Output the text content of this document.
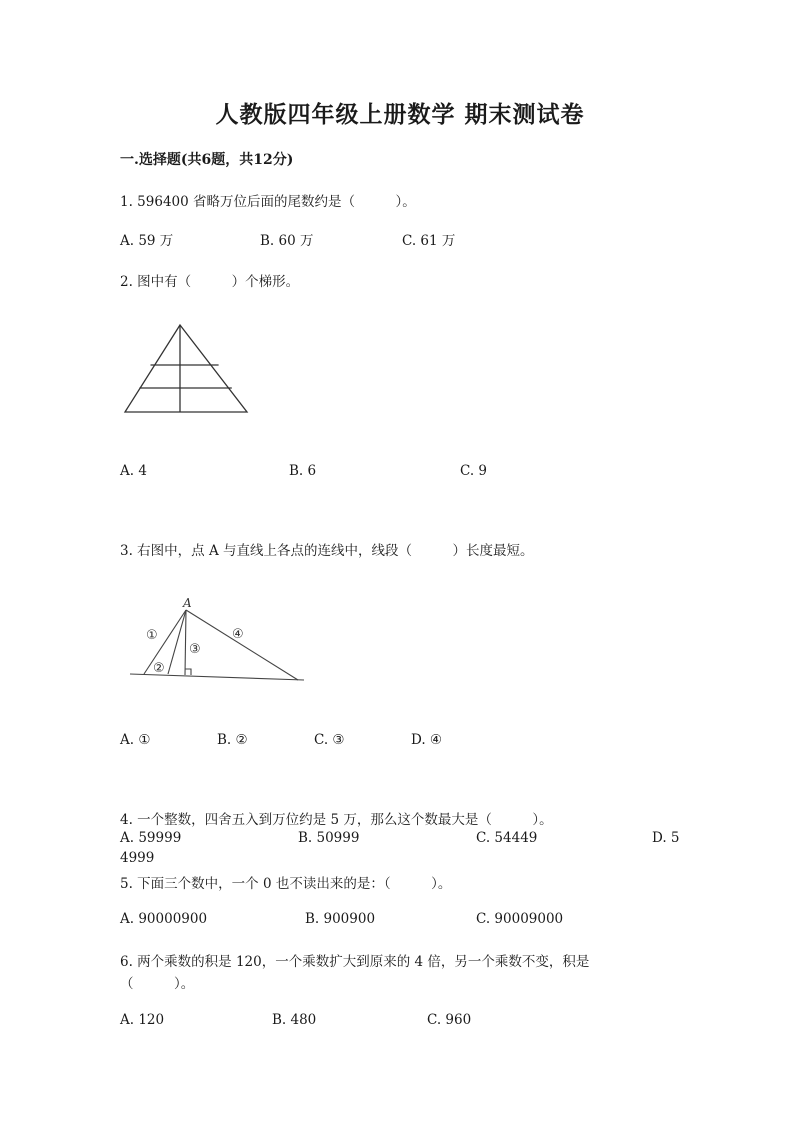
人教版四年级上册数学 期末测试卷
一.选择题(共6题，共12分)
1. 596400 省略万位后面的尾数约是（　　　）。
A. 59 万	B. 60 万	C. 61 万
2. 图中有（　　　）个梯形。
A. 4	B. 6	C. 9
3. 右图中，点 A 与直线上各点的连线中，线段（　　　）长度最短。
A
①
②
③
④
A. ①	B. ②	C. ③	D. ④
4. 一个整数，四舍五入到万位约是 5 万，那么这个数最大是（　　　）。
A. 59999	B. 50999	C. 54449	D. 5
4999
5. 下面三个数中，一个 0 也不读出来的是：（　　　）。
A. 90000900	B. 900900	C. 90009000
6. 两个乘数的积是 120，一个乘数扩大到原来的 4 倍，另一个乘数不变，积是
（　　　）。
A. 120	B. 480	C. 960
